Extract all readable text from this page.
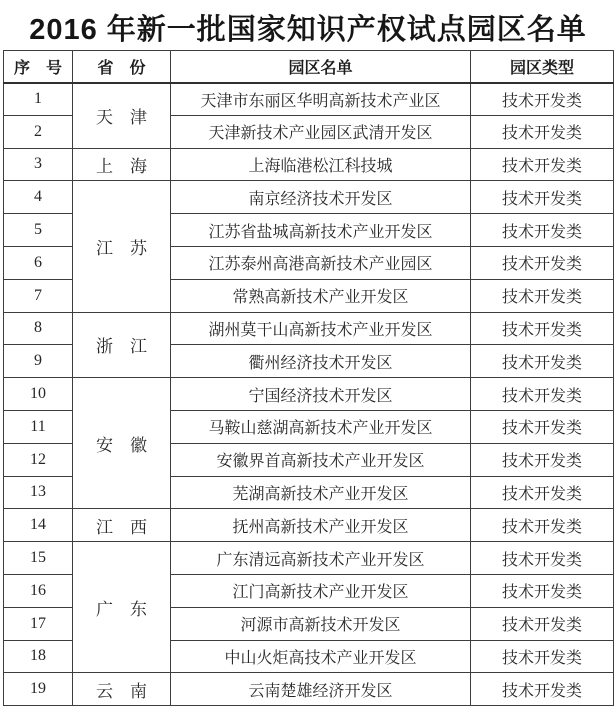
2016 年新一批国家知识产权试点园区名单
序　号	省　份	园区名单	园区类型
1	天　津	天津市东丽区华明高新技术产业区	技术开发类
2		天津新技术产业园区武清开发区	技术开发类
3	上　海	上海临港松江科技城	技术开发类
4	江　苏	南京经济技术开发区	技术开发类
5		江苏省盐城高新技术产业开发区	技术开发类
6		江苏泰州高港高新技术产业园区	技术开发类
7		常熟高新技术产业开发区	技术开发类
8	浙　江	湖州莫干山高新技术产业开发区	技术开发类
9		衢州经济技术开发区	技术开发类
10	安　徽	宁国经济技术开发区	技术开发类
11		马鞍山慈湖高新技术产业开发区	技术开发类
12		安徽界首高新技术产业开发区	技术开发类
13		芜湖高新技术产业开发区	技术开发类
14	江　西	抚州高新技术产业开发区	技术开发类
15	广　东	广东清远高新技术产业开发区	技术开发类
16		江门高新技术产业开发区	技术开发类
17		河源市高新技术开发区	技术开发类
18		中山火炬高技术产业开发区	技术开发类
19	云　南	云南楚雄经济开发区	技术开发类
